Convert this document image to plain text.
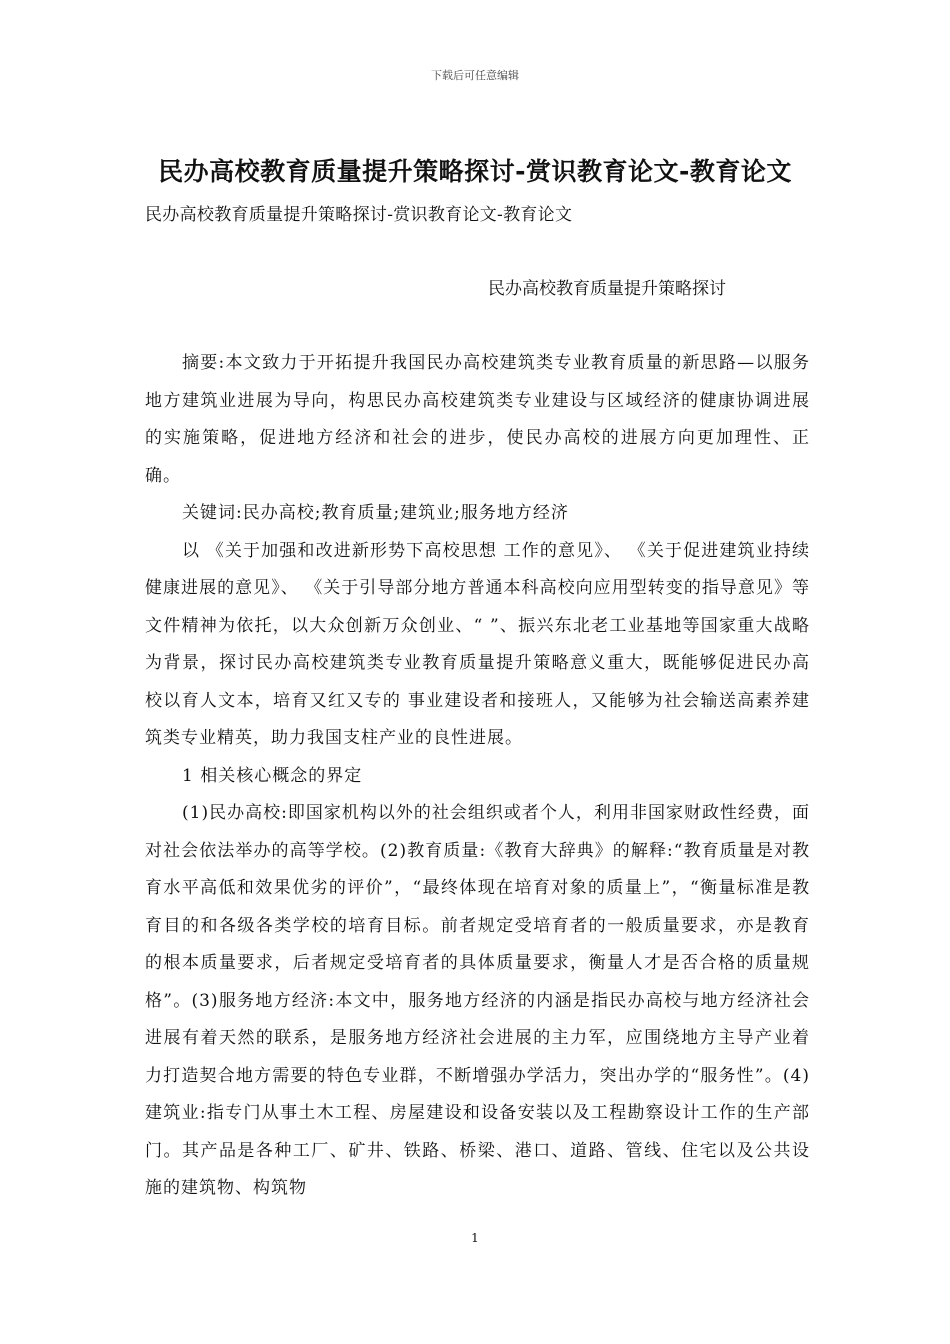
下载后可任意编辑
民办高校教育质量提升策略探讨-赏识教育论文-教育论文
民办高校教育质量提升策略探讨-赏识教育论文-教育论文
民办高校教育质量提升策略探讨

摘要:本文致力于开拓提升我国民办高校建筑类专业教育质量的新思路—以服务地方建筑业进展为导向，构思民办高校建筑类专业建设与区域经济的健康协调进展的实施策略，促进地方经济和社会的进步，使民办高校的进展方向更加理性、正确。

关键词:民办高校;教育质量;建筑业;服务地方经济

以 《关于加强和改进新形势下高校思想 工作的意见》、 《关于促进建筑业持续健康进展的意见》、 《关于引导部分地方普通本科高校向应用型转变的指导意见》等文件精神为依托，以大众创新万众创业、“ ”、振兴东北老工业基地等国家重大战略为背景，探讨民办高校建筑类专业教育质量提升策略意义重大，既能够促进民办高校以育人文本，培育又红又专的 事业建设者和接班人，又能够为社会输送高素养建筑类专业精英，助力我国支柱产业的良性进展。

1 相关核心概念的界定

(1)民办高校:即国家机构以外的社会组织或者个人，利用非国家财政性经费，面对社会依法举办的高等学校。(2)教育质量:《教育大辞典》的解释:“教育质量是对教育水平高低和效果优劣的评价”，“最终体现在培育对象的质量上”，“衡量标准是教育目的和各级各类学校的培育目标。前者规定受培育者的一般质量要求，亦是教育的根本质量要求，后者规定受培育者的具体质量要求，衡量人才是否合格的质量规格”。(3)服务地方经济:本文中，服务地方经济的内涵是指民办高校与地方经济社会进展有着天然的联系，是服务地方经济社会进展的主力军，应围绕地方主导产业着力打造契合地方需要的特色专业群，不断增强办学活力，突出办学的“服务性”。(4)建筑业:指专门从事土木工程、房屋建设和设备安装以及工程勘察设计工作的生产部门。其产品是各种工厂、矿井、铁路、桥梁、港口、道路、管线、住宅以及公共设施的建筑物、构筑物

1
